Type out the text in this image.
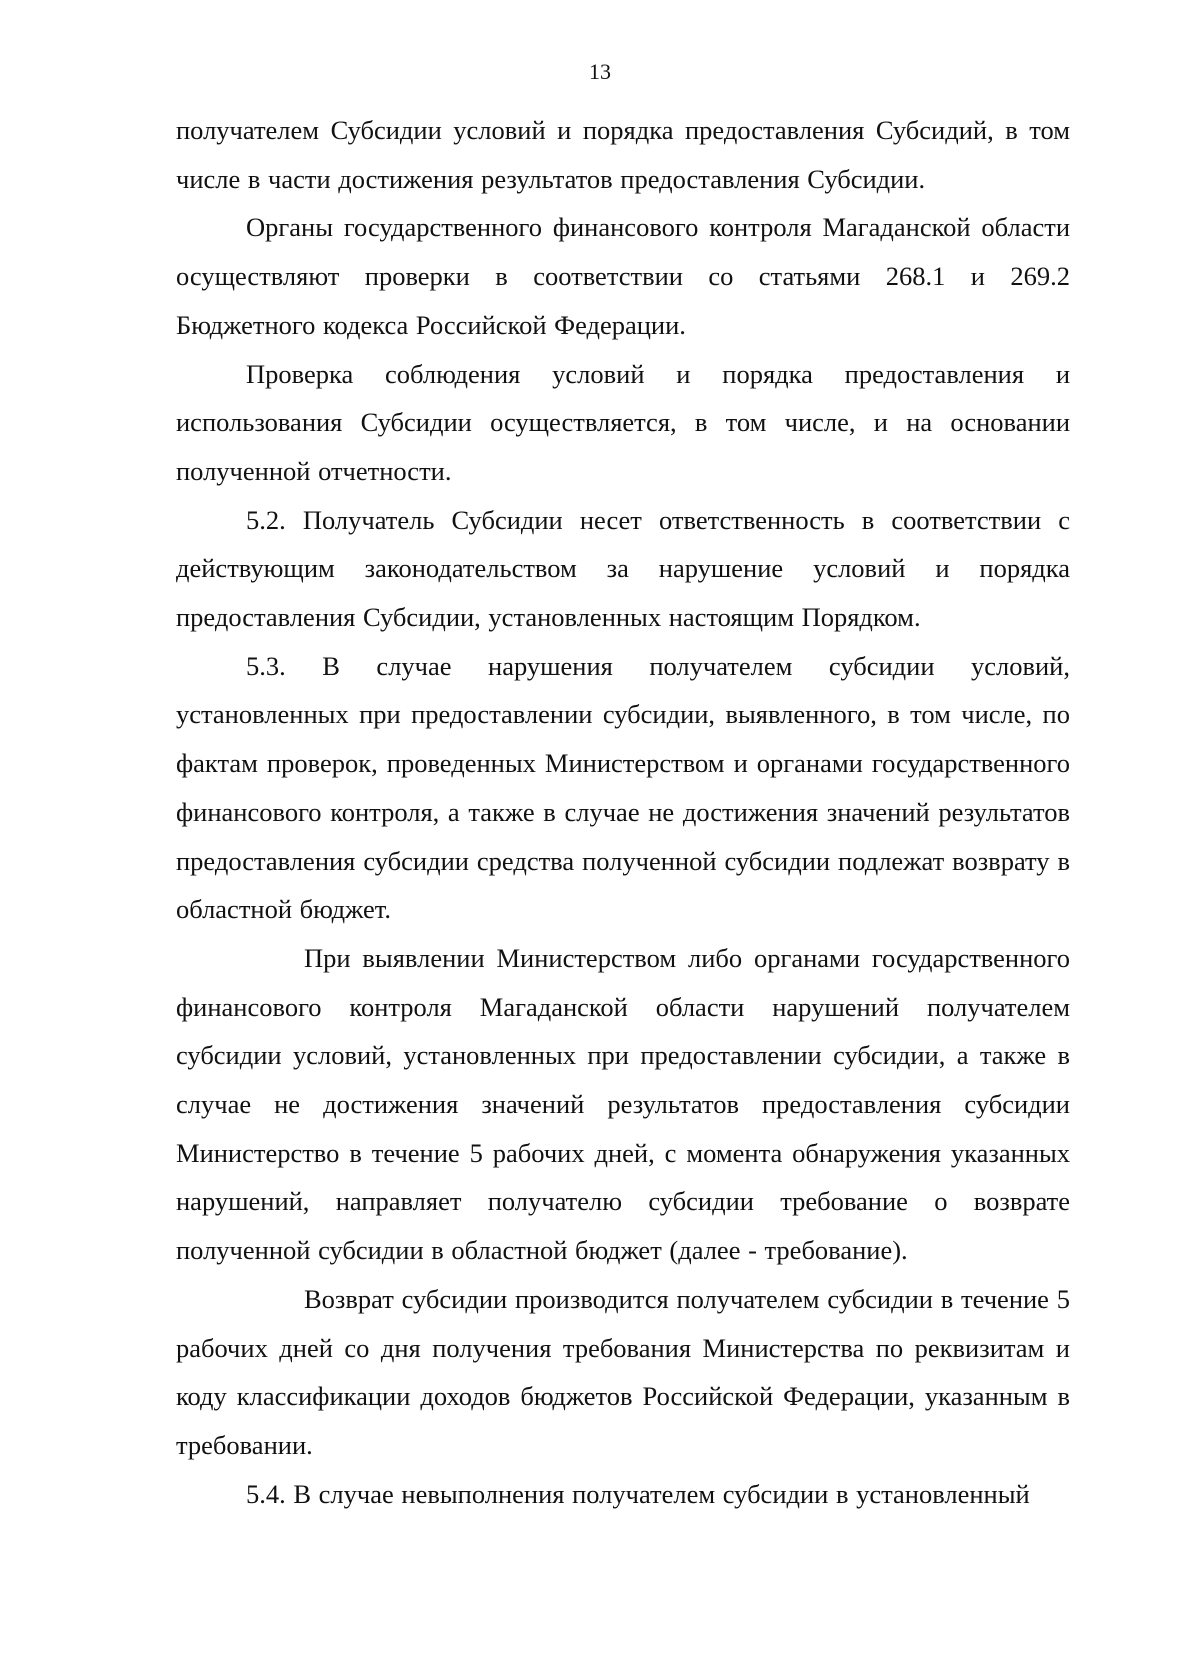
13

получателем Субсидии условий и порядка предоставления Субсидий, в том числе в части достижения результатов предоставления Субсидии.

Органы государственного финансового контроля Магаданской области осуществляют проверки в соответствии со статьями 268.1 и 269.2 Бюджетного кодекса Российской Федерации.

Проверка соблюдения условий и порядка предоставления и использования Субсидии осуществляется, в том числе, и на основании полученной отчетности.

5.2. Получатель Субсидии несет ответственность в соответствии с действующим законодательством за нарушение условий и порядка предоставления Субсидии, установленных настоящим Порядком.

5.3. В случае нарушения получателем субсидии условий, установленных при предоставлении субсидии, выявленного, в том числе, по фактам проверок, проведенных Министерством и органами государственного финансового контроля, а также в случае не достижения значений результатов предоставления субсидии средства полученной субсидии подлежат возврату в областной бюджет.

При выявлении Министерством либо органами государственного финансового контроля Магаданской области нарушений получателем субсидии условий, установленных при предоставлении субсидии, а также в случае не достижения значений результатов предоставления субсидии Министерство в течение 5 рабочих дней, с момента обнаружения указанных нарушений, направляет получателю субсидии требование о возврате полученной субсидии в областной бюджет (далее - требование).

Возврат субсидии производится получателем субсидии в течение 5 рабочих дней со дня получения требования Министерства по реквизитам и коду классификации доходов бюджетов Российской Федерации, указанным в требовании.

5.4. В случае невыполнения получателем субсидии в установленный
